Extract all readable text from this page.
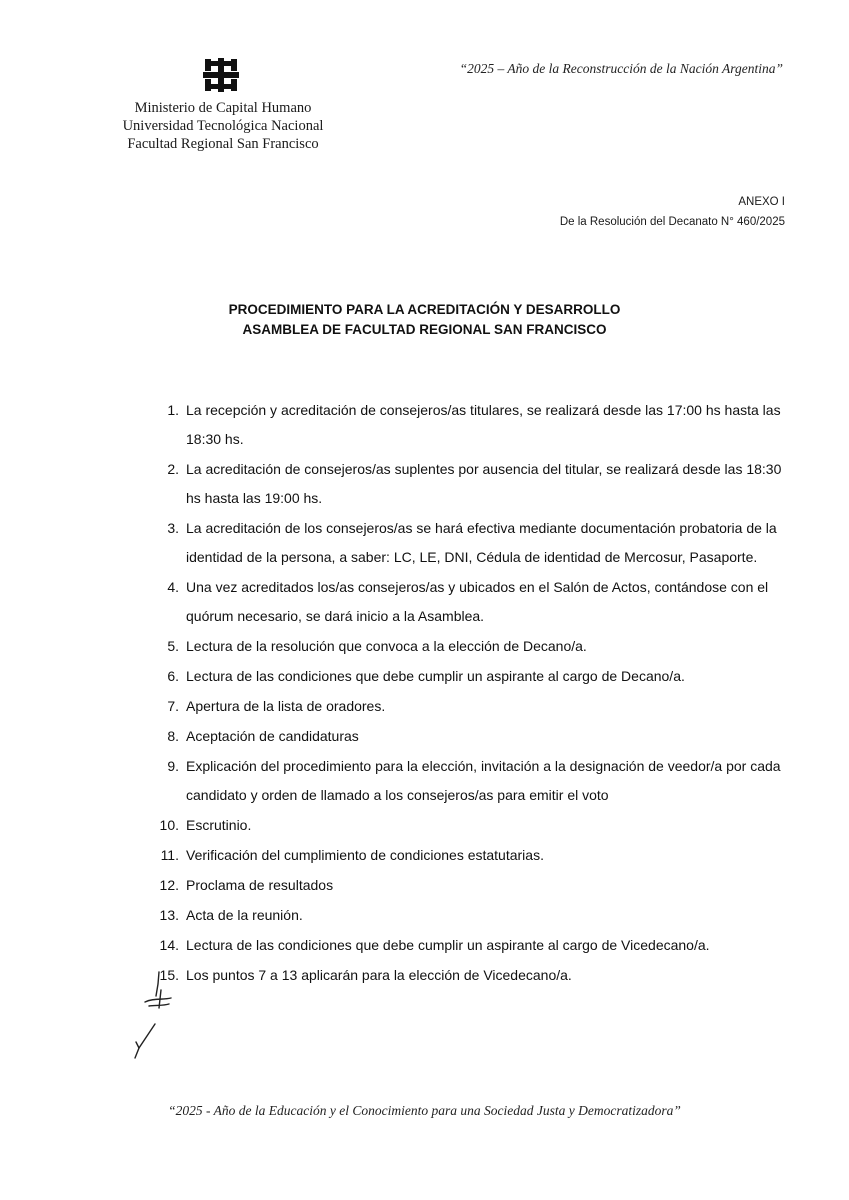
Ministerio de Capital Humano
Universidad Tecnológica Nacional
Facultad Regional San Francisco
“2025 – Año de la Reconstrucción de la Nación Argentina”
ANEXO I
De la Resolución del Decanato N° 460/2025
PROCEDIMIENTO PARA LA ACREDITACIÓN Y DESARROLLO
ASAMBLEA DE FACULTAD REGIONAL SAN FRANCISCO
1 . La recepción y acreditación de consejeros/as titulares, se realizará desde las 17:00 hs hasta las 18:30 hs.
2 . La acreditación de consejeros/as suplentes por ausencia del titular, se realizará desde las 18:30 hs hasta las 19:00 hs.
3 . La acreditación de los consejeros/as se hará efectiva mediante documentación probatoria de la identidad de la persona, a saber: LC, LE, DNI, Cédula de identidad de Mercosur, Pasaporte.
4 . Una vez acreditados los/as consejeros/as y ubicados en el Salón de Actos, contándose con el quórum necesario, se dará inicio a la Asamblea.
5 . Lectura de la resolución que convoca a la elección de Decano/a.
6 . Lectura de las condiciones que debe cumplir un aspirante al cargo de Decano/a.
7 . Apertura de la lista de oradores.
8 . Aceptación de candidaturas
9 . Explicación del procedimiento para la elección, invitación a la designación de veedor/a por cada candidato y orden de llamado a los consejeros/as para emitir el voto
10 . Escrutinio.
11 . Verificación del cumplimiento de condiciones estatutarias.
12 . Proclama de resultados
13 . Acta de la reunión.
14 . Lectura de las condiciones que debe cumplir un aspirante al cargo de Vicedecano/a.
15 . Los puntos 7 a 13 aplicarán para la elección de Vicedecano/a.
“2025 - Año de la Educación y el Conocimiento para una Sociedad Justa y Democratizadora”
